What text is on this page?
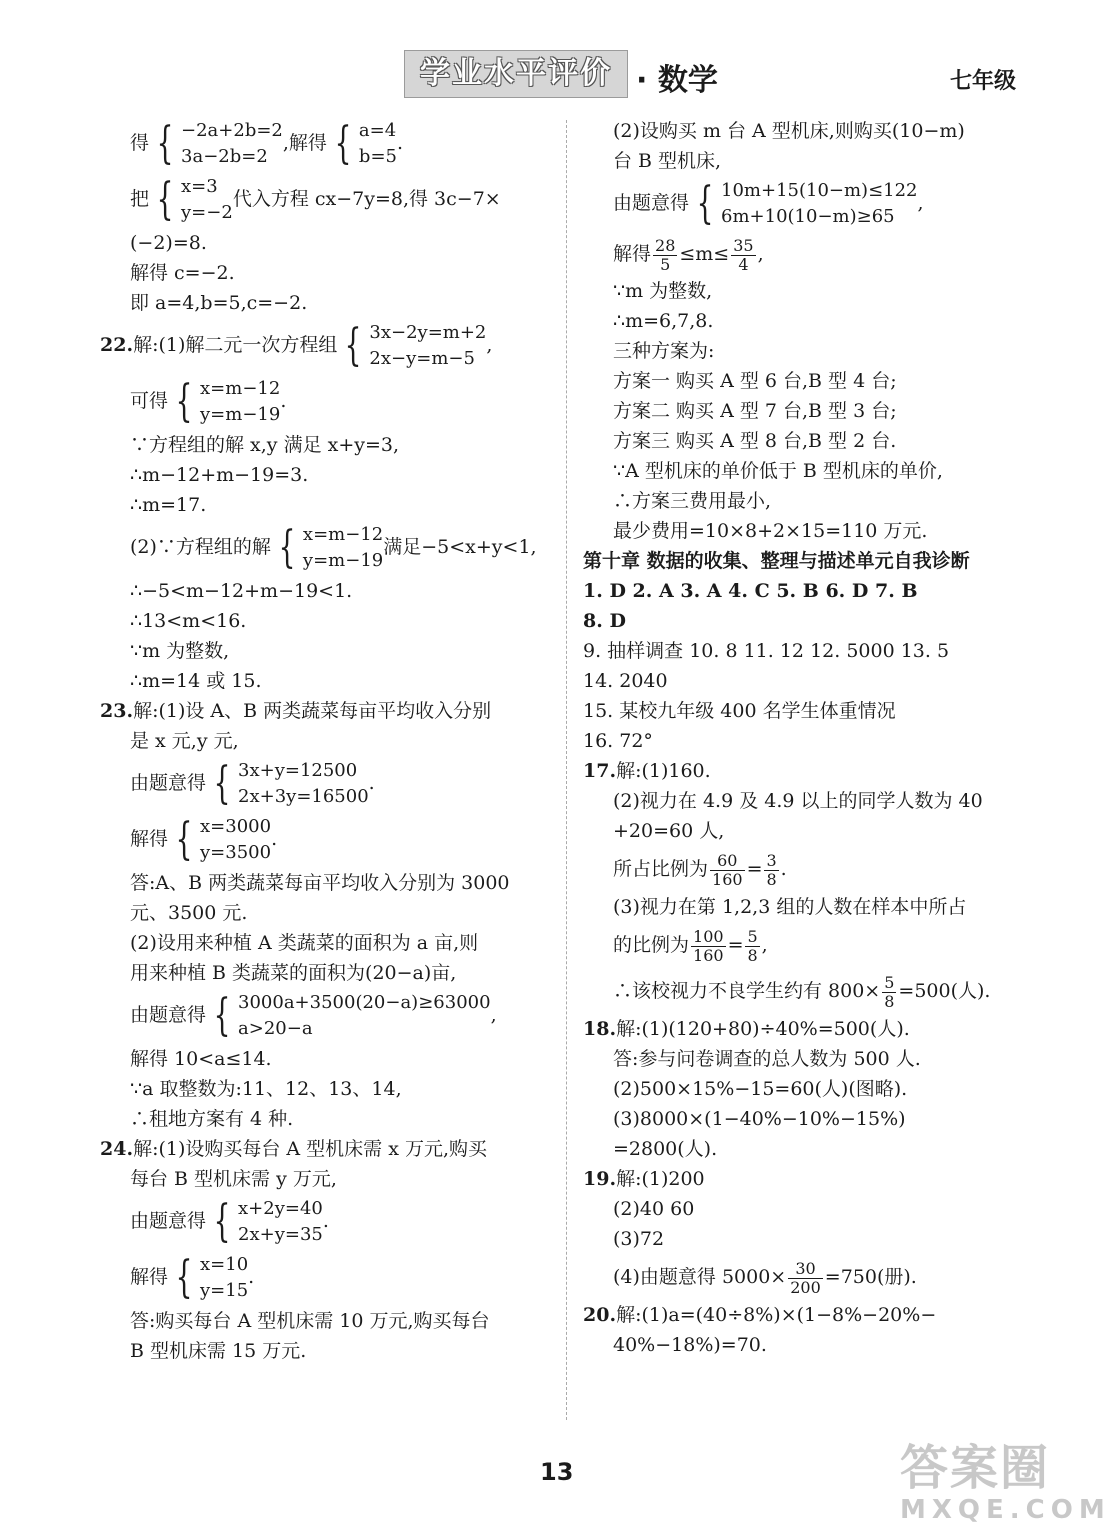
学业水平评价 · 数学	七年级
得 { −2a+2b=2
3a−2b=2
,解得 { a=4
b=5
.
把 { x=3
y=−2
代入方程 cx−7y=8,得 3c−7×
(−2)=8.
解得 c=−2.
即 a=4,b=5,c=−2.
22.解:(1)解二元一次方程组 { 3x−2y=m+2
2x−y=m−5
,
可得 { x=m−12
y=m−19
.
∵方程组的解 x,y 满足 x+y=3,
∴m−12+m−19=3.
∴m=17.
(2)∵方程组的解 { x=m−12
y=m−19
满足−5<x+y<1,
∴−5<m−12+m−19<1.
∴13<m<16.
∵m 为整数,
∴m=14 或 15.
23.解:(1)设 A、B 两类蔬菜每亩平均收入分别
是 x 元,y 元,
由题意得 { 3x+y=12500
2x+3y=16500
.
解得 { x=3000
y=3500
.
答:A、B 两类蔬菜每亩平均收入分别为 3000
元、3500 元.
(2)设用来种植 A 类蔬菜的面积为 a 亩,则
用来种植 B 类蔬菜的面积为(20−a)亩,
由题意得 { 3000a+3500(20−a)≥63000
a>20−a
,
解得 10<a≤14.
∵a 取整数为:11、12、13、14,
∴租地方案有 4 种.
24.解:(1)设购买每台 A 型机床需 x 万元,购买
每台 B 型机床需 y 万元,
由题意得 { x+2y=40
2x+y=35
.
解得 { x=10
y=15
.
答:购买每台 A 型机床需 10 万元,购买每台
B 型机床需 15 万元.
(2)设购买 m 台 A 型机床,则购买(10−m)
台 B 型机床,
由题意得 { 10m+15(10−m)≤122
6m+10(10−m)≥65
,
解得 $\frac{28}{5} \le m\le \frac{35}{4}$ ,
∵m 为整数,
∴m=6,7,8.
三种方案为:
方案一 购买 A 型 6 台,B 型 4 台;
方案二 购买 A 型 7 台,B 型 3 台;
方案三 购买 A 型 8 台,B 型 2 台.
∵A 型机床的单价低于 B 型机床的单价,
∴方案三费用最小,
最少费用=10×8+2×15=110 万元.
第十章 数据的收集、整理与描述单元自我诊断
1. D 2. A 3. A 4. C 5. B 6. D 7. B
8. D
9. 抽样调查 10. 8 11. 12 12. 5000 13. 5
14. 2040
15. 某校九年级 400 名学生体重情况
16. 72°
17.解:(1)160.
(2)视力在 4.9 及 4.9 以上的同学人数为 40
+20=60 人,
所占比例为 $\frac{60}{160} = \frac{3}{8}$ .
(3)视力在第 1,2,3 组的人数在样本中所占
的比例为 $\frac{100}{160} = \frac{5}{8}$ ,
∴该校视力不良学生约有 $800\times \frac{5}{8} =500$(人).
18.解:(1)(120+80)÷40%=500(人).
答:参与问卷调查的总人数为 500 人.
(2)500×15%−15=60(人)(图略).
(3)8000×(1−40%−10%−15%)
=2800(人).
19.解:(1)200
(2)40 60
(3)72
(4)由题意得 $5000\times \frac{30}{200} =750$(册).
20.解:(1)a=(40÷8%)×(1−8%−20%−
40%−18%)=70.
13	答案圈
MXQE.COM
